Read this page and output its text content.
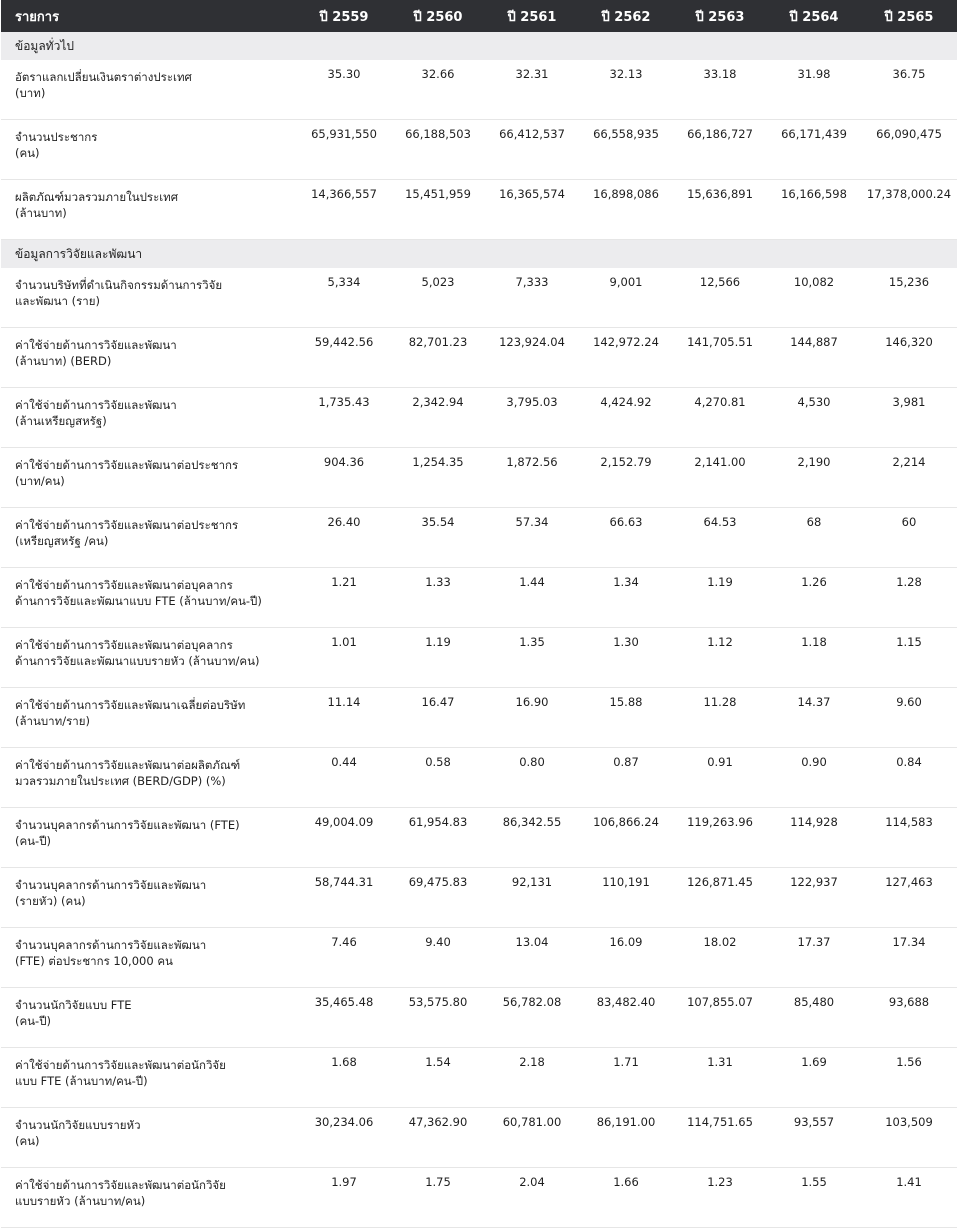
รายการ	ปี 2559	ปี 2560	ปี 2561	ปี 2562	ปี 2563	ปี 2564	ปี 2565
ข้อมูลทั่วไป							

อัตราแลกเปลี่ยนเงินตราต่างประเทศ
(บาท)	35.30	32.66	32.31	32.13	33.18	31.98	36.75

จำนวนประชากร
(คน)	65,931,550	66,188,503	66,412,537	66,558,935	66,186,727	66,171,439	66,090,475

ผลิตภัณฑ์มวลรวมภายในประเทศ
(ล้านบาท)	14,366,557	15,451,959	16,365,574	16,898,086	15,636,891	16,166,598	17,378,000.24
ข้อมูลการวิจัยและพัฒนา							

จำนวนบริษัทที่ดำเนินกิจกรรมด้านการวิจัย
และพัฒนา (ราย)	5,334	5,023	7,333	9,001	12,566	10,082	15,236

ค่าใช้จ่ายด้านการวิจัยและพัฒนา
(ล้านบาท) (BERD)	59,442.56	82,701.23	123,924.04	142,972.24	141,705.51	144,887	146,320

ค่าใช้จ่ายด้านการวิจัยและพัฒนา
(ล้านเหรียญสหรัฐ)	1,735.43	2,342.94	3,795.03	4,424.92	4,270.81	4,530	3,981

ค่าใช้จ่ายด้านการวิจัยและพัฒนาต่อประชากร
(บาท/คน)	904.36	1,254.35	1,872.56	2,152.79	2,141.00	2,190	2,214

ค่าใช้จ่ายด้านการวิจัยและพัฒนาต่อประชากร
(เหรียญสหรัฐ /คน)	26.40	35.54	57.34	66.63	64.53	68	60

ค่าใช้จ่ายด้านการวิจัยและพัฒนาต่อบุคลากร
ด้านการวิจัยและพัฒนาแบบ FTE (ล้านบาท/คน-ปี)	1.21	1.33	1.44	1.34	1.19	1.26	1.28

ค่าใช้จ่ายด้านการวิจัยและพัฒนาต่อบุคลากร
ด้านการวิจัยและพัฒนาแบบรายหัว (ล้านบาท/คน)	1.01	1.19	1.35	1.30	1.12	1.18	1.15

ค่าใช้จ่ายด้านการวิจัยและพัฒนาเฉลี่ยต่อบริษัท
(ล้านบาท/ราย)	11.14	16.47	16.90	15.88	11.28	14.37	9.60

ค่าใช้จ่ายด้านการวิจัยและพัฒนาต่อผลิตภัณฑ์
มวลรวมภายในประเทศ (BERD/GDP) (%)	0.44	0.58	0.80	0.87	0.91	0.90	0.84

จำนวนบุคลากรด้านการวิจัยและพัฒนา (FTE)
(คน-ปี)	49,004.09	61,954.83	86,342.55	106,866.24	119,263.96	114,928	114,583

จำนวนบุคลากรด้านการวิจัยและพัฒนา
(รายหัว) (คน)	58,744.31	69,475.83	92,131	110,191	126,871.45	122,937	127,463

จำนวนบุคลากรด้านการวิจัยและพัฒนา
(FTE) ต่อประชากร 10,000 คน	7.46	9.40	13.04	16.09	18.02	17.37	17.34

จำนวนนักวิจัยแบบ FTE
(คน-ปี)	35,465.48	53,575.80	56,782.08	83,482.40	107,855.07	85,480	93,688

ค่าใช้จ่ายด้านการวิจัยและพัฒนาต่อนักวิจัย
แบบ FTE (ล้านบาท/คน-ปี)	1.68	1.54	2.18	1.71	1.31	1.69	1.56

จำนวนนักวิจัยแบบรายหัว
(คน)	30,234.06	47,362.90	60,781.00	86,191.00	114,751.65	93,557	103,509

ค่าใช้จ่ายด้านการวิจัยและพัฒนาต่อนักวิจัย
แบบรายหัว (ล้านบาท/คน)	1.97	1.75	2.04	1.66	1.23	1.55	1.41
